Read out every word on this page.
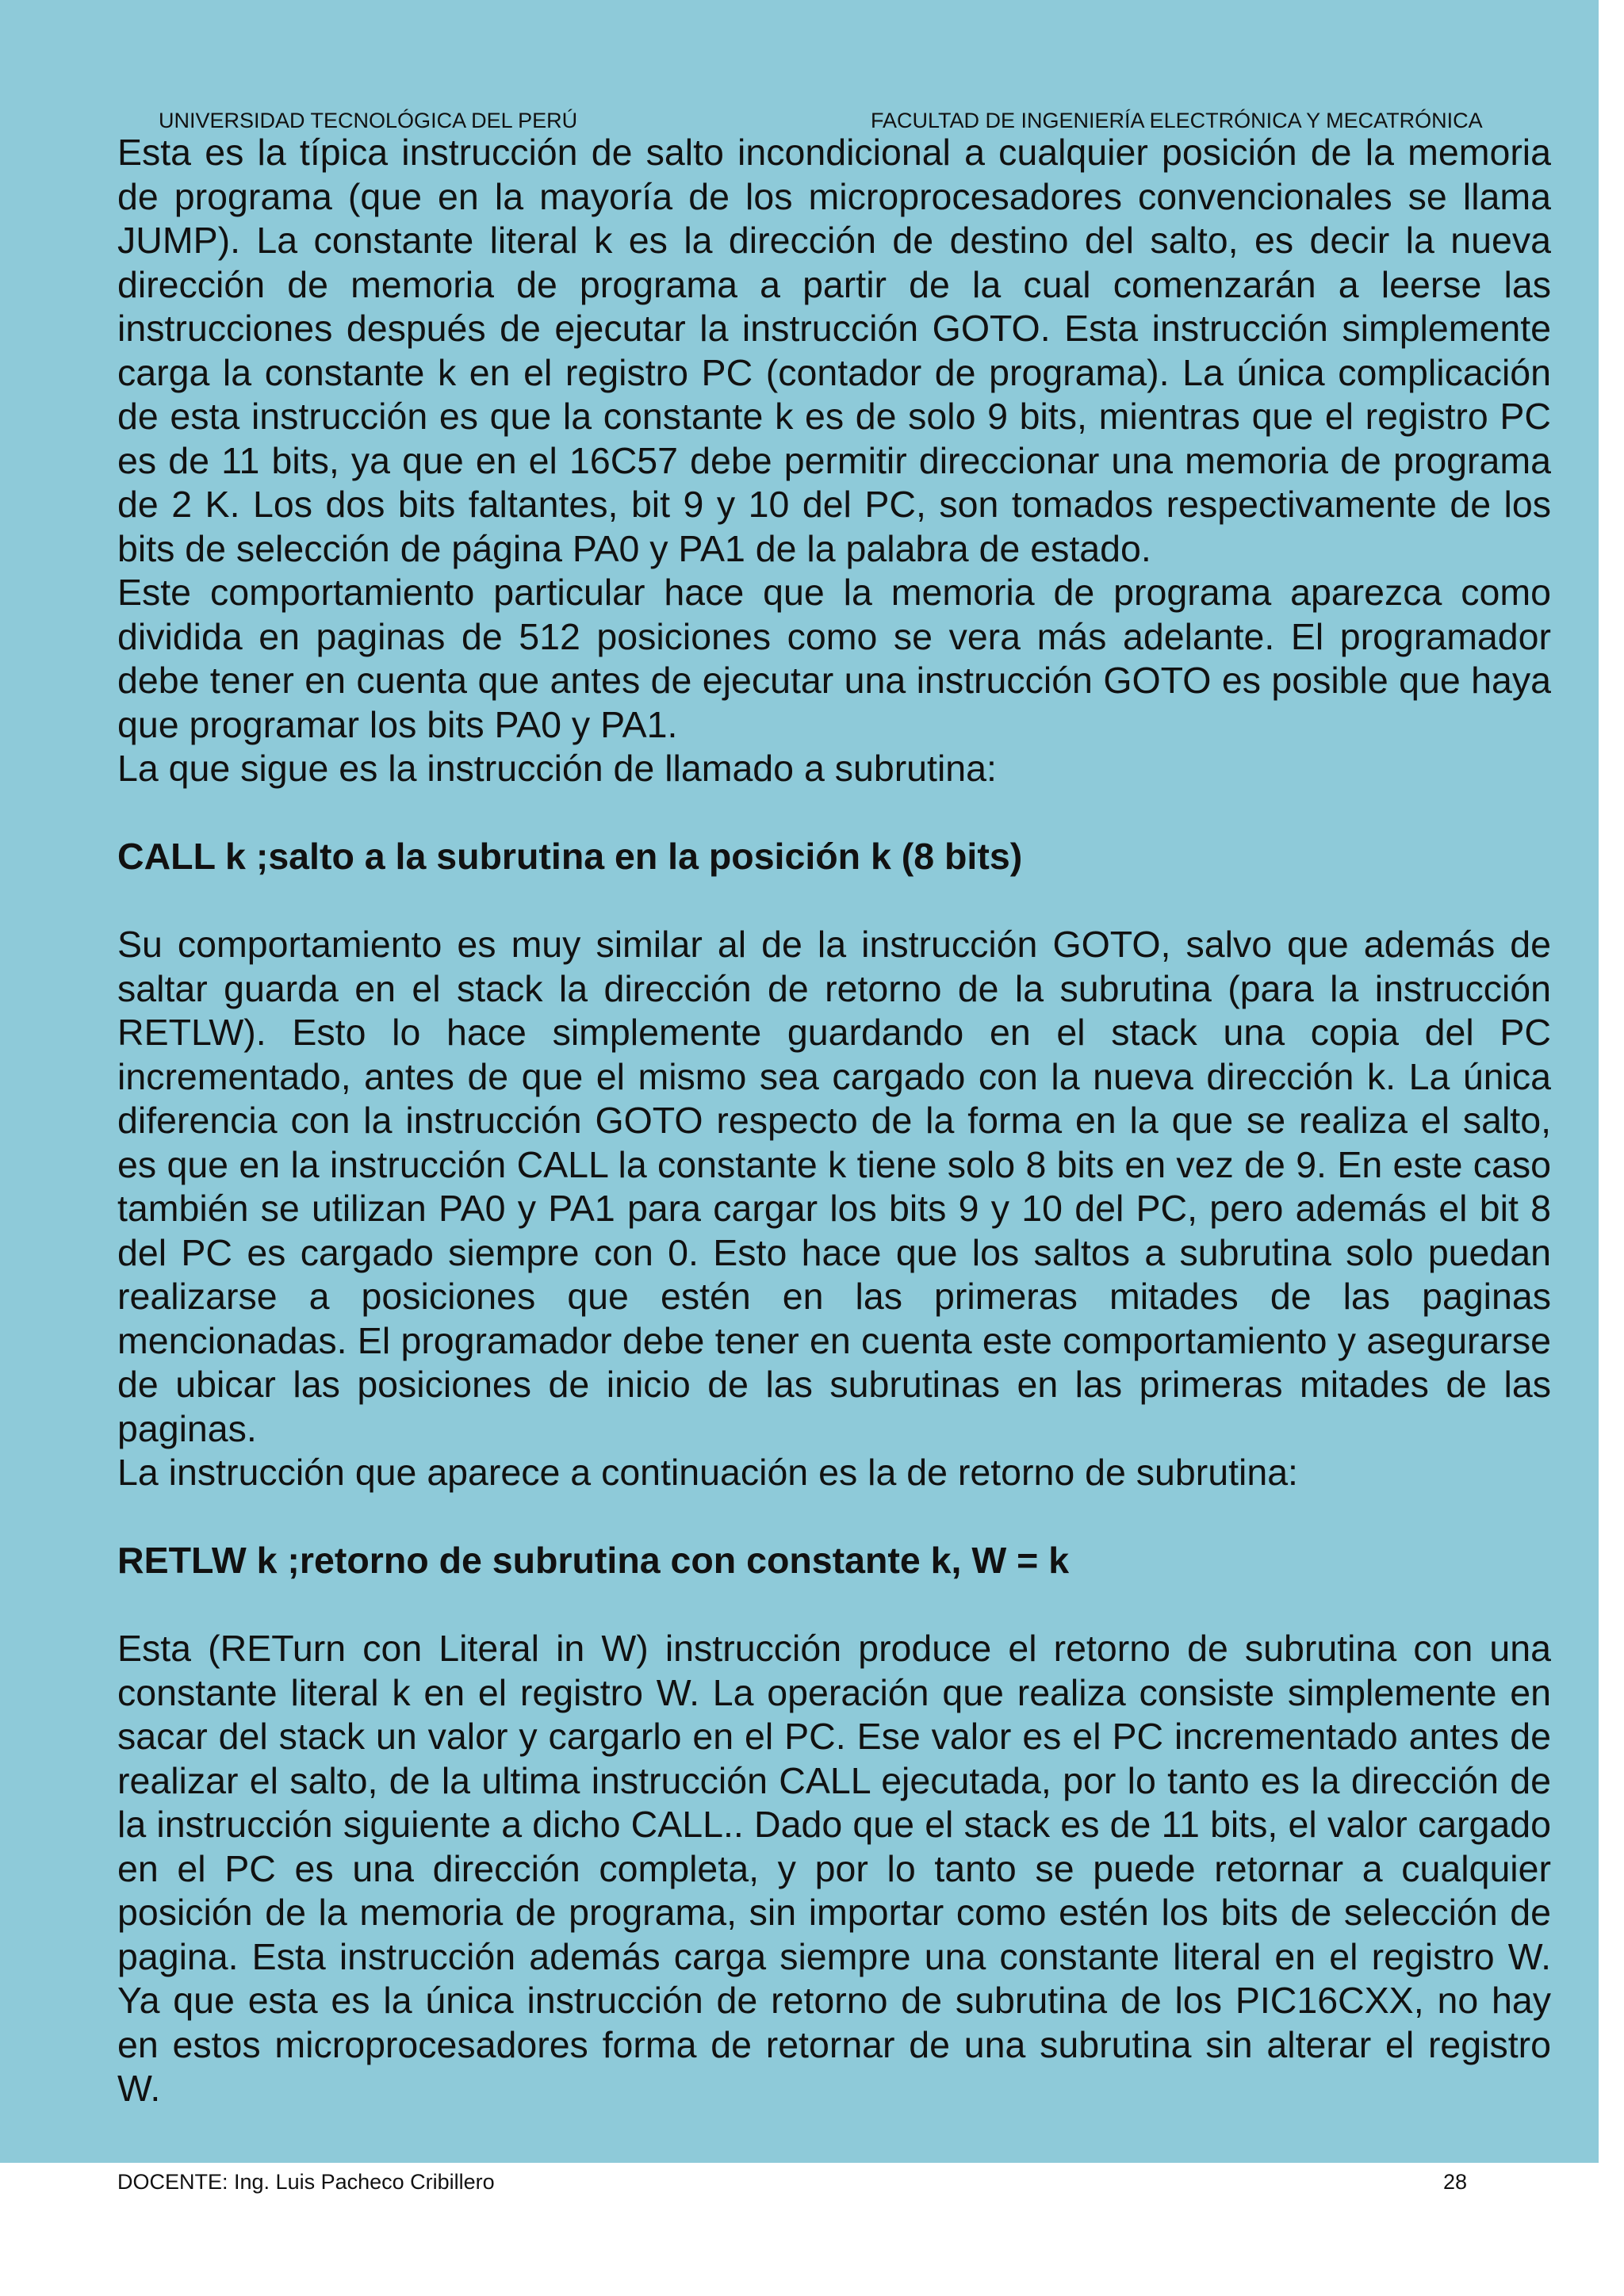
UNIVERSIDAD TECNOLÓGICA DEL PERÚ	FACULTAD DE INGENIERÍA ELECTRÓNICA Y MECATRÓNICA

Esta es la típica instrucción de salto incondicional a cualquier posición de la memoria de programa (que en la mayoría de los microprocesadores convencionales se llama JUMP). La constante literal k es la dirección de destino del salto, es decir la nueva dirección de memoria de programa a partir de la cual comenzarán a leerse las instrucciones después de ejecutar la instrucción GOTO. Esta instrucción simplemente carga la constante k en el registro PC (contador de programa). La única complicación de esta instrucción es que la constante k es de solo 9 bits, mientras que el registro PC es de 11 bits, ya que en el 16C57 debe permitir direccionar una memoria de programa de 2 K. Los dos bits faltantes, bit 9 y 10 del PC, son tomados respectivamente de los bits de selección de página PA0 y PA1 de la palabra de estado.

Este comportamiento particular hace que la memoria de programa aparezca como dividida en paginas de 512 posiciones como se vera más adelante. El programador debe tener en cuenta que antes de ejecutar una instrucción GOTO es posible que haya que programar los bits PA0 y PA1.

La que sigue es la instrucción de llamado a subrutina:

CALL k ;salto a la subrutina en la posición k (8 bits)

Su comportamiento es muy similar al de la instrucción GOTO, salvo que además de saltar guarda en el stack la dirección de retorno de la subrutina (para la instrucción RETLW). Esto lo hace simplemente guardando en el stack una copia del PC incrementado, antes de que el mismo sea cargado con la nueva dirección k. La única diferencia con la instrucción GOTO respecto de la forma en la que se realiza el salto, es que en la instrucción CALL la constante k tiene solo 8 bits en vez de 9. En este caso también se utilizan PA0 y PA1 para cargar los bits 9 y 10 del PC, pero además el bit 8 del PC es cargado siempre con 0. Esto hace que los saltos a subrutina solo puedan realizarse a posiciones que estén en las primeras mitades de las paginas mencionadas. El programador debe tener en cuenta este comportamiento y asegurarse de ubicar las posiciones de inicio de las subrutinas en las primeras mitades de las paginas.

La instrucción que aparece a continuación es la de retorno de subrutina:

RETLW k ;retorno de subrutina con constante k, W = k

Esta (RETurn con Literal in W) instrucción produce el retorno de subrutina con una constante literal k en el registro W. La operación que realiza consiste simplemente en sacar del stack un valor y cargarlo en el PC. Ese valor es el PC incrementado antes de realizar el salto, de la ultima instrucción CALL ejecutada, por lo tanto es la dirección de la instrucción siguiente a dicho CALL.. Dado que el stack es de 11 bits, el valor cargado en el PC es una dirección completa, y por lo tanto se puede retornar a cualquier posición de la memoria de programa, sin importar como estén los bits de selección de pagina. Esta instrucción además carga siempre una constante literal en el registro W. Ya que esta es la única instrucción de retorno de subrutina de los PIC16CXX, no hay en estos microprocesadores forma de retornar de una subrutina sin alterar el registro W.

DOCENTE: Ing. Luis Pacheco Cribillero	28
